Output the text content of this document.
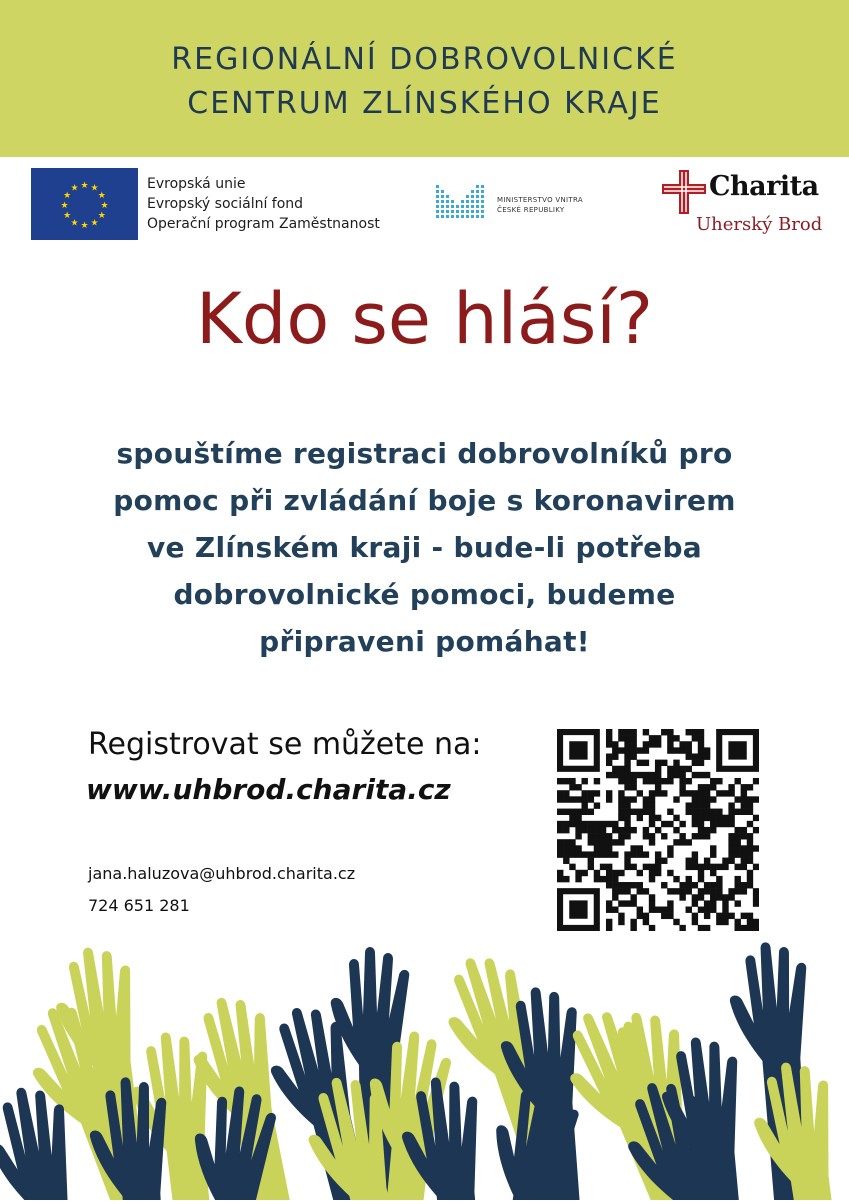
REGIONÁLNÍ DOBROVOLNICKÉ
CENTRUM ZLÍNSKÉHO KRAJE
★ ★
★
★
★
★
★
★
★
★
★
★	Evropská unie
Evropský sociální fond
Operační program Zaměstnanost
MINISTERSTVO VNITRA
ČESKÉ REPUBLIKY
Charita
Uherský Brod
Kdo se hlásí?
spouštíme registraci dobrovolníků pro
pomoc při zvládání boje s koronavirem
ve Zlínském kraji - bude-li potřeba
dobrovolnické pomoci, budeme
připraveni pomáhat!
Registrovat se můžete na:
www.uhbrod.charita.cz
jana.haluzova@uhbrod.charita.cz
724 651 281
